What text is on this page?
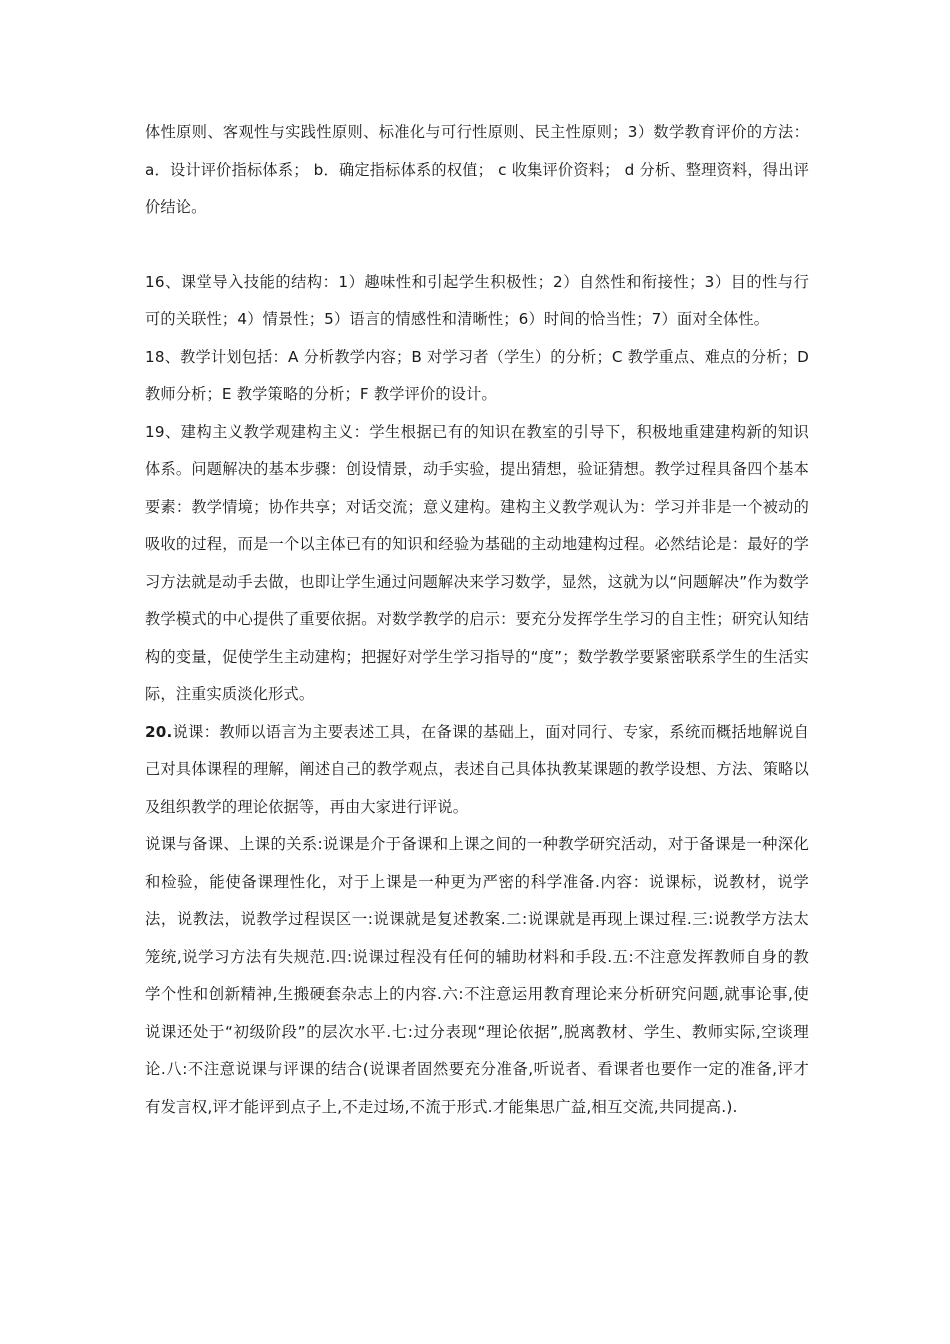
体性原则、客观性与实践性原则、标准化与可行性原则、民主性原则；3）数学教育评价的方法：a．设计评价指标体系； b．确定指标体系的权值； c 收集评价资料； d 分析、整理资料，得出评价结论。

16、课堂导入技能的结构：1）趣味性和引起学生积极性；2）自然性和衔接性；3）目的性与行可的关联性；4）情景性；5）语言的情感性和清晰性；6）时间的恰当性；7）面对全体性。

18、教学计划包括：A 分析教学内容；B 对学习者（学生）的分析；C 教学重点、难点的分析；D 教师分析；E 教学策略的分析；F 教学评价的设计。

19、建构主义教学观建构主义：学生根据已有的知识在教室的引导下，积极地重建建构新的知识体系。问题解决的基本步骤：创设情景，动手实验，提出猜想，验证猜想。教学过程具备四个基本要素：教学情境；协作共享；对话交流；意义建构。建构主义教学观认为：学习并非是一个被动的吸收的过程，而是一个以主体已有的知识和经验为基础的主动地建构过程。必然结论是：最好的学习方法就是动手去做，也即让学生通过问题解决来学习数学，显然，这就为以“问题解决”作为数学教学模式的中心提供了重要依据。对数学教学的启示：要充分发挥学生学习的自主性；研究认知结构的变量，促使学生主动建构；把握好对学生学习指导的“度”；数学教学要紧密联系学生的生活实际，注重实质淡化形式。

20.说课：教师以语言为主要表述工具，在备课的基础上，面对同行、专家，系统而概括地解说自己对具体课程的理解，阐述自己的教学观点，表述自己具体执教某课题的教学设想、方法、策略以及组织教学的理论依据等，再由大家进行评说。

说课与备课、上课的关系:说课是介于备课和上课之间的一种教学研究活动，对于备课是一种深化和检验，能使备课理性化，对于上课是一种更为严密的科学准备.内容：说课标，说教材，说学法，说教法，说教学过程误区一:说课就是复述教案.二:说课就是再现上课过程.三:说教学方法太笼统,说学习方法有失规范.四:说课过程没有任何的辅助材料和手段.五:不注意发挥教师自身的教学个性和创新精神,生搬硬套杂志上的内容.六:不注意运用教育理论来分析研究问题,就事论事,使说课还处于“初级阶段”的层次水平.七:过分表现“理论依据”,脱离教材、学生、教师实际,空谈理论.八:不注意说课与评课的结合(说课者固然要充分准备,听说者、看课者也要作一定的准备,评才有发言权,评才能评到点子上,不走过场,不流于形式.才能集思广益,相互交流,共同提高.).
